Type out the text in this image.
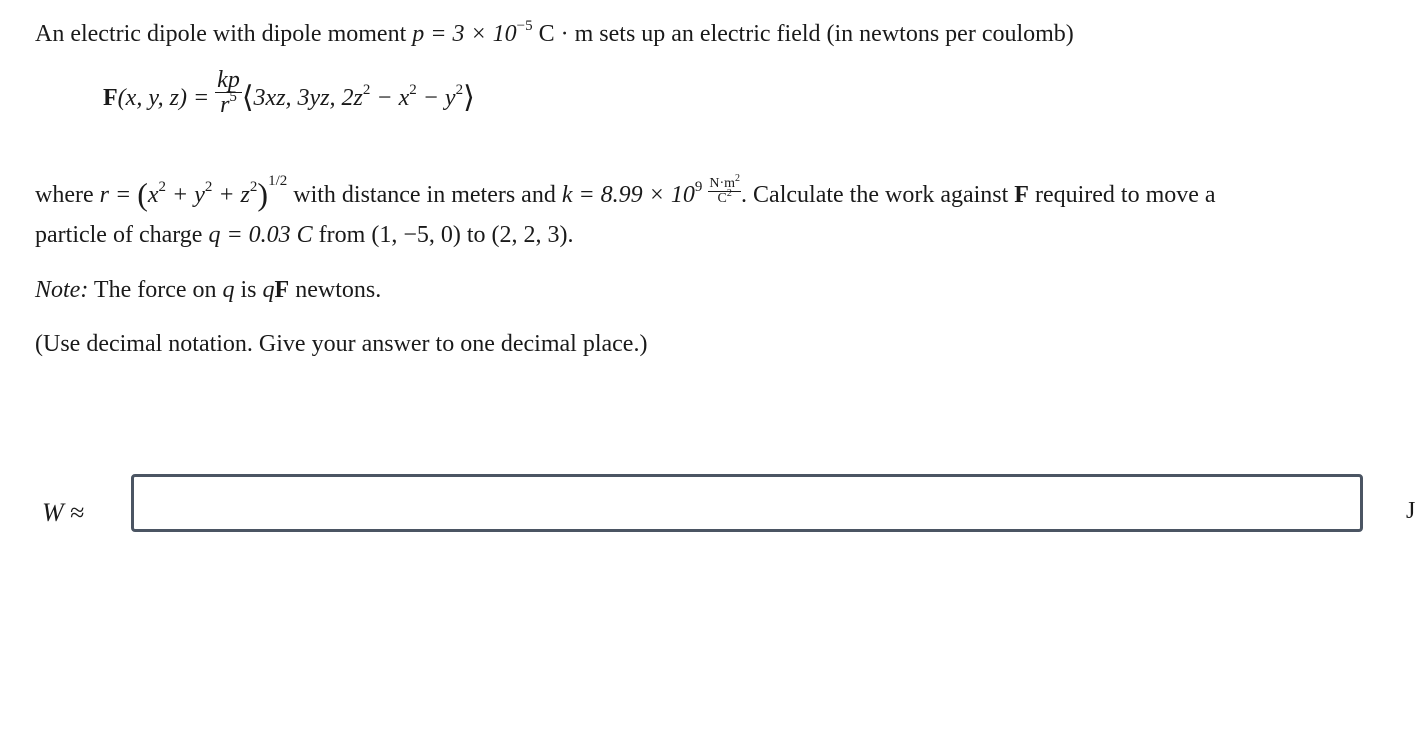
An electric dipole with dipole moment $p = 3 \times 10^{-5}$ C · m sets up an electric field (in newtons per coulomb)
F(x, y, $z) = \frac{kp}{r^5}$ ⟨3xz, 3yz, $2z^2 - x^2$ − $y^2⟩$
where $r = (x^2 + y^2 + z^2)^{1/2}$ with distance in meters and $k = 8.99 \times 10^9 \frac{N\cdot m^2}{C^2}$ . Calculate the work against F required to move a
particle of charge q = 0.03 C from (1, −5, 0) to (2, 2, 3).
Note: The force on q is qF newtons.
(Use decimal notation. Give your answer to one decimal place.)
W ≈	J
